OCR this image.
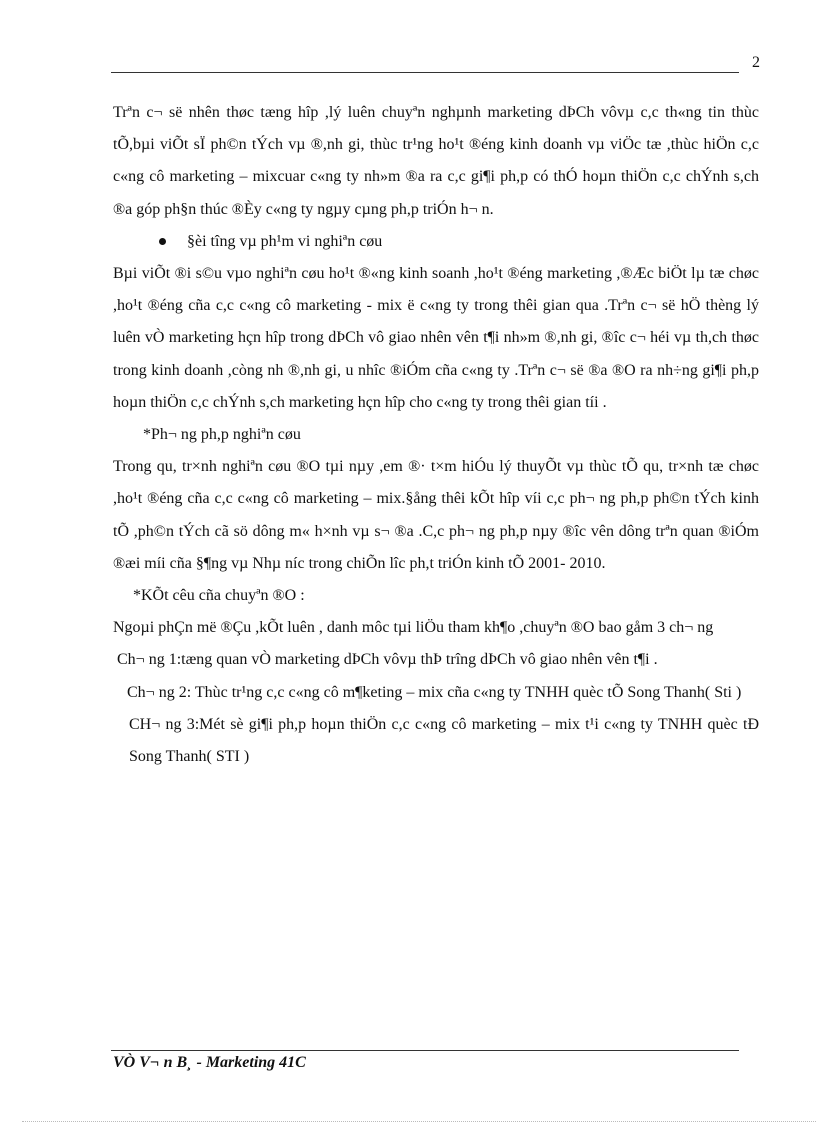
2

Trªn c¬ së nhên thøc tæng hîp ,lý luên chuyªn nghµnh marketing dÞCh vôvµ c,c th«ng tin thùc tÕ,bµi viÕt sÏ ph©n tÝch vµ ®,nh gi, thùc tr¹ng ho¹t ®éng kinh doanh vµ viÖc tæ ,thùc hiÖn c,c c«ng cô marketing – mixcuar c«ng ty nh»m ®a ra c,c gi¶i ph,p có thÓ hoµn thiÖn c,c chÝnh s,ch ®a góp ph§n thúc ®Èy c«ng ty ngµy cµng ph,p triÓn h¬ n.

§èi tîng vµ ph¹m vi nghiªn cøu

Bµi viÕt ®i s©u vµo nghiªn cøu ho¹t ®«ng kinh soanh ,ho¹t ®éng marketing ,®Æc biÖt lµ tæ chøc ,ho¹t ®éng cña c,c c«ng cô marketing - mix ë c«ng ty trong thêi gian qua .Trªn c¬ së hÖ thèng lý luên vÒ marketing hçn hîp trong dÞCh vô giao nhên vên t¶i nh»m ®,nh gi, ®îc c¬ héi vµ th,ch thøc trong kinh doanh ,còng nh ®,nh gi, u nhîc ®iÓm cña c«ng ty .Trªn c¬ së ®a ®O ra nh÷ng gi¶i ph,p hoµn thiÖn c,c chÝnh s,ch marketing hçn hîp cho c«ng ty trong thêi gian tíi .

*Ph¬ ng ph,p nghiªn cøu

Trong qu, tr×nh nghiªn cøu ®O tµi nµy ,em ®· t×m hiÓu lý thuyÕt vµ thùc tÕ qu, tr×nh tæ chøc ,ho¹t ®éng cña c,c c«ng cô marketing – mix.§ång thêi kÕt hîp víi c,c ph¬ ng ph,p ph©n tÝch kinh tÕ ,ph©n tÝch cã sö dông m« h×nh vµ s¬ ®a .C,c ph¬ ng ph,p nµy ®îc vên dông trªn quan ®iÓm ®æi míi cña §¶ng vµ Nhµ níc trong chiÕn lîc ph,t triÓn kinh tÕ 2001- 2010.

*KÕt cêu cña chuyªn ®O :

Ngoµi phÇn më ®Çu ,kÕt luên , danh môc tµi liÖu tham kh¶o ,chuyªn ®O bao gåm 3 ch¬ ng

Ch¬ ng 1:tæng quan vÒ marketing dÞCh vôvµ thÞ trîng dÞCh vô giao nhên vên t¶i .

Ch¬ ng 2: Thùc tr¹ng c,c c«ng cô m¶keting – mix cña c«ng ty TNHH quèc tÕ Song Thanh( Sti )

CH¬ ng 3:Mét sè gi¶i ph,p hoµn thiÖn c,c c«ng cô marketing – mix t¹i c«ng ty TNHH quèc tÐ Song Thanh( STI )

VÒ V¬ n B¸ - Marketing 41C
